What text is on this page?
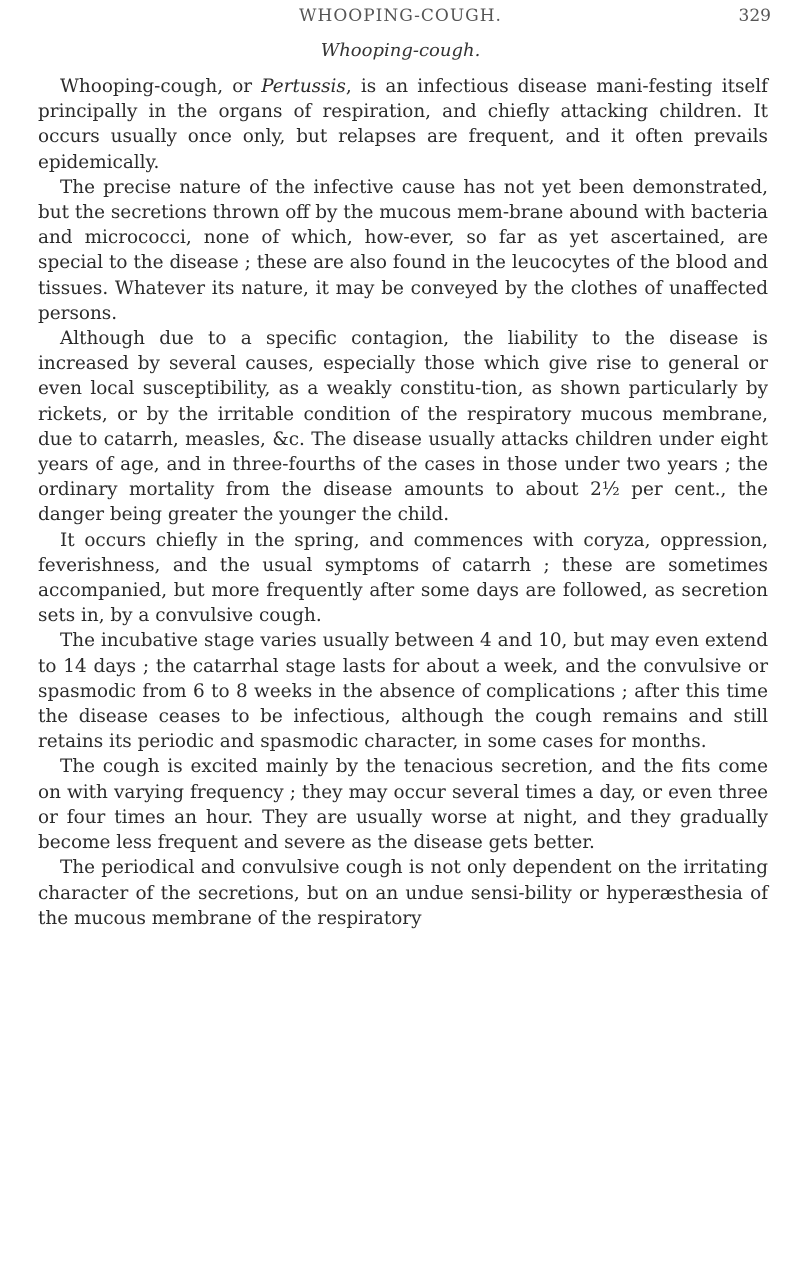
WHOOPING-COUGH.	329
Whooping-cough.

Whooping-cough, or Pertussis, is an infectious disease mani-festing itself principally in the organs of respiration, and chiefly attacking children. It occurs usually once only, but relapses are frequent, and it often prevails epidemically.

The precise nature of the infective cause has not yet been demonstrated, but the secretions thrown off by the mucous mem-brane abound with bacteria and micrococci, none of which, how-ever, so far as yet ascertained, are special to the disease ; these are also found in the leucocytes of the blood and tissues. Whatever its nature, it may be conveyed by the clothes of unaffected persons.

Although due to a specific contagion, the liability to the disease is increased by several causes, especially those which give rise to general or even local susceptibility, as a weakly constitu-tion, as shown particularly by rickets, or by the irritable condition of the respiratory mucous membrane, due to catarrh, measles, &c. The disease usually attacks children under eight years of age, and in three-fourths of the cases in those under two years ; the ordinary mortality from the disease amounts to about 2½ per cent., the danger being greater the younger the child.

It occurs chiefly in the spring, and commences with coryza, oppression, feverishness, and the usual symptoms of catarrh ; these are sometimes accompanied, but more frequently after some days are followed, as secretion sets in, by a convulsive cough.

The incubative stage varies usually between 4 and 10, but may even extend to 14 days ; the catarrhal stage lasts for about a week, and the convulsive or spasmodic from 6 to 8 weeks in the absence of complications ; after this time the disease ceases to be infectious, although the cough remains and still retains its periodic and spasmodic character, in some cases for months.

The cough is excited mainly by the tenacious secretion, and the fits come on with varying frequency ; they may occur several times a day, or even three or four times an hour. They are usually worse at night, and they gradually become less frequent and severe as the disease gets better.

The periodical and convulsive cough is not only dependent on the irritating character of the secretions, but on an undue sensi-bility or hyperæsthesia of the mucous membrane of the respiratory
